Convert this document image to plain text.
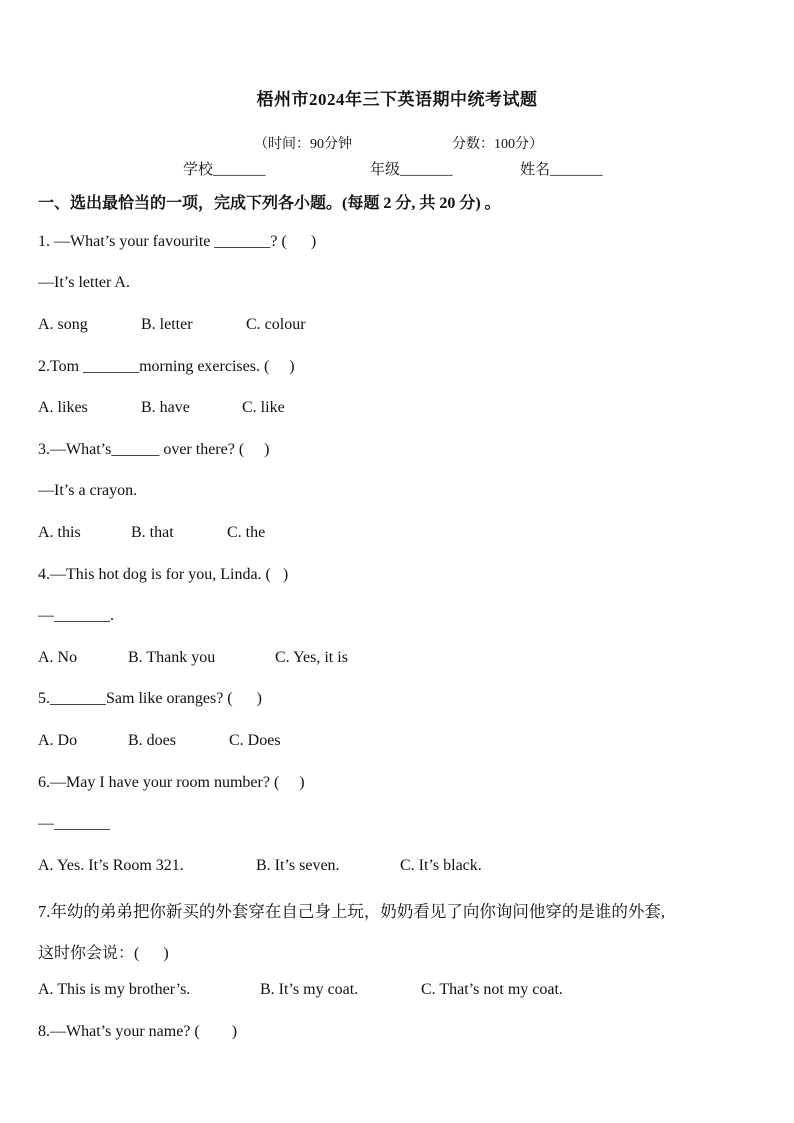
梧州市2024年三下英语期中统考试题

（时间：90分钟	分数：100分）

学校_______	年级_______	姓名_______
一、选出最恰当的一项，完成下列各小题。(每题 2 分, 共 20 分) 。
1. —What’s your favourite _______? (      )
—It’s letter A.

A. song

	B. letter

	C. colour

2.Tom _______morning exercises. (     )

A. likes

	B. have

	C. like

3.—What’s______ over there? (     )
—It’s a crayon.

A. this

	B. that

	C. the

4.—This hot dog is for you, Linda. (   )
—_______.

A. No

	B. Thank you

	C. Yes, it is

5._______Sam like oranges? (      )

A. Do

	B. does

	C. Does

6.—May I have your room number? (     )
—_______

A. Yes. It’s Room 321.

	B. It’s seven.

	C. It’s black.

7.年幼的弟弟把你新买的外套穿在自己身上玩，奶奶看见了向你询问他穿的是谁的外套,
这时你会说：(      )

A. This is my brother’s.

	B. It’s my coat.

	C. That’s not my coat.

8.—What’s your name? (        )
